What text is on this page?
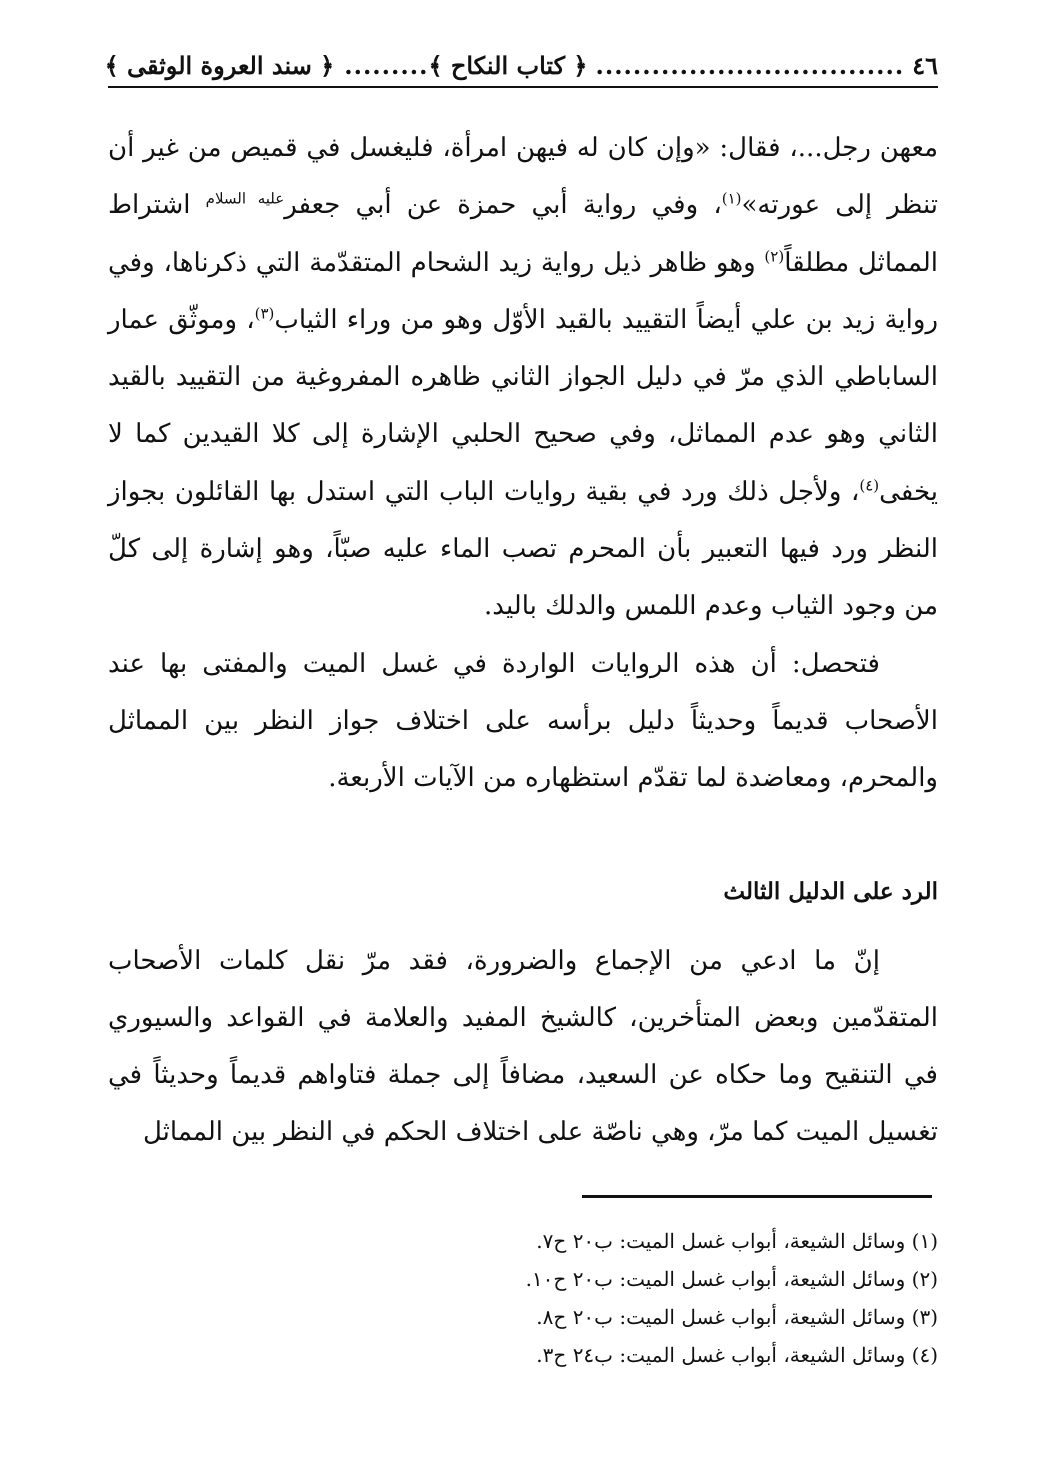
٤٦
.................................
﴿ كتاب النكاح ﴾
.........
﴿ سند العروة الوثقى ﴾

معهن رجل...، فقال: «وإن كان له فيهن امرأة، فليغسل في قميص من غير أن تنظر إلى عورته»$^{(١)}$، وفي رواية أبي حمزة عن أبي جعفر$^{عليه السلام}$ اشتراط المماثل مطلقاً$^{(٢)}$ وهو ظاهر ذيل رواية زيد الشحام المتقدّمة التي ذكرناها، وفي رواية زيد بن علي أيضاً التقييد بالقيد الأوّل وهو من وراء الثياب$^{(٣)}$، وموثّق عمار الساباطي الذي مرّ في دليل الجواز الثاني ظاهره المفروغية من التقييد بالقيد الثاني وهو عدم المماثل، وفي صحيح الحلبي الإشارة إلى كلا القيدين كما لا يخفى$^{(٤)}$، ولأجل ذلك ورد في بقية روايات الباب التي استدل بها القائلون بجواز النظر ورد فيها التعبير بأن المحرم تصب الماء عليه صبّاً، وهو إشارة إلى كلّ من وجود الثياب وعدم اللمس والدلك باليد.

فتحصل: أن هذه الروايات الواردة في غسل الميت والمفتى بها عند الأصحاب قديماً وحديثاً دليل برأسه على اختلاف جواز النظر بين المماثل والمحرم، ومعاضدة لما تقدّم استظهاره من الآيات الأربعة.

الرد على الدليل الثالث

إنّ ما ادعي من الإجماع والضرورة، فقد مرّ نقل كلمات الأصحاب المتقدّمين وبعض المتأخرين، كالشيخ المفيد والعلامة في القواعد والسيوري في التنقيح وما حكاه عن السعيد، مضافاً إلى جملة فتاواهم قديماً وحديثاً في تغسيل الميت كما مرّ، وهي ناصّة على اختلاف الحكم في النظر بين المماثل

(١) وسائل الشيعة، أبواب غسل الميت: ب٢٠ ح٧.
(٢) وسائل الشيعة، أبواب غسل الميت: ب٢٠ ح١٠.
(٣) وسائل الشيعة، أبواب غسل الميت: ب٢٠ ح٨.
(٤) وسائل الشيعة، أبواب غسل الميت: ب٢٤ ح٣.
